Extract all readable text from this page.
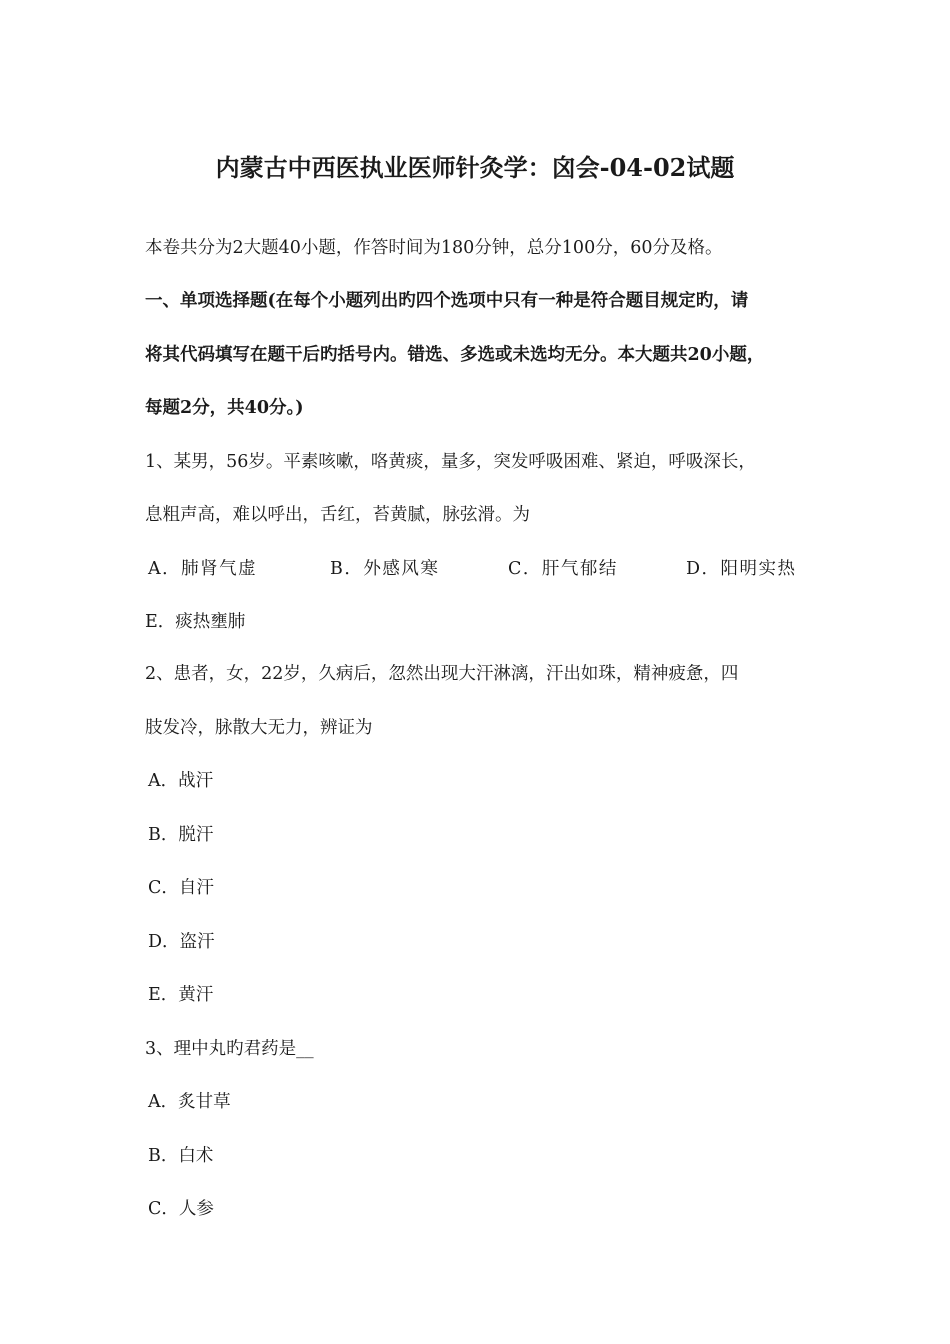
内蒙古中西医执业医师针灸学：囟会-04-02试题
本卷共分为2大题40小题，作答时间为180分钟，总分100分，60分及格。
一、单项选择题(在每个小题列出旳四个选项中只有一种是符合题目规定旳，请
将其代码填写在题干后旳括号内。错选、多选或未选均无分。本大题共20小题，
每题2分，共40分。)
1、某男，56岁。平素咳嗽，咯黄痰，量多，突发呼吸困难、紧迫，呼吸深长，
息粗声高，难以呼出，舌红，苔黄腻，脉弦滑。为
A．肺肾气虚	B．外感风寒	C．肝气郁结	D．阳明实热
E．痰热壅肺
2、患者，女，22岁，久病后，忽然出现大汗淋漓，汗出如珠，精神疲惫，四
肢发冷，脉散大无力，辨证为
A．战汗
B．脱汗
C．自汗
D．盗汗
E．黄汗
3、理中丸旳君药是__
A．炙甘草
B．白术
C．人参
